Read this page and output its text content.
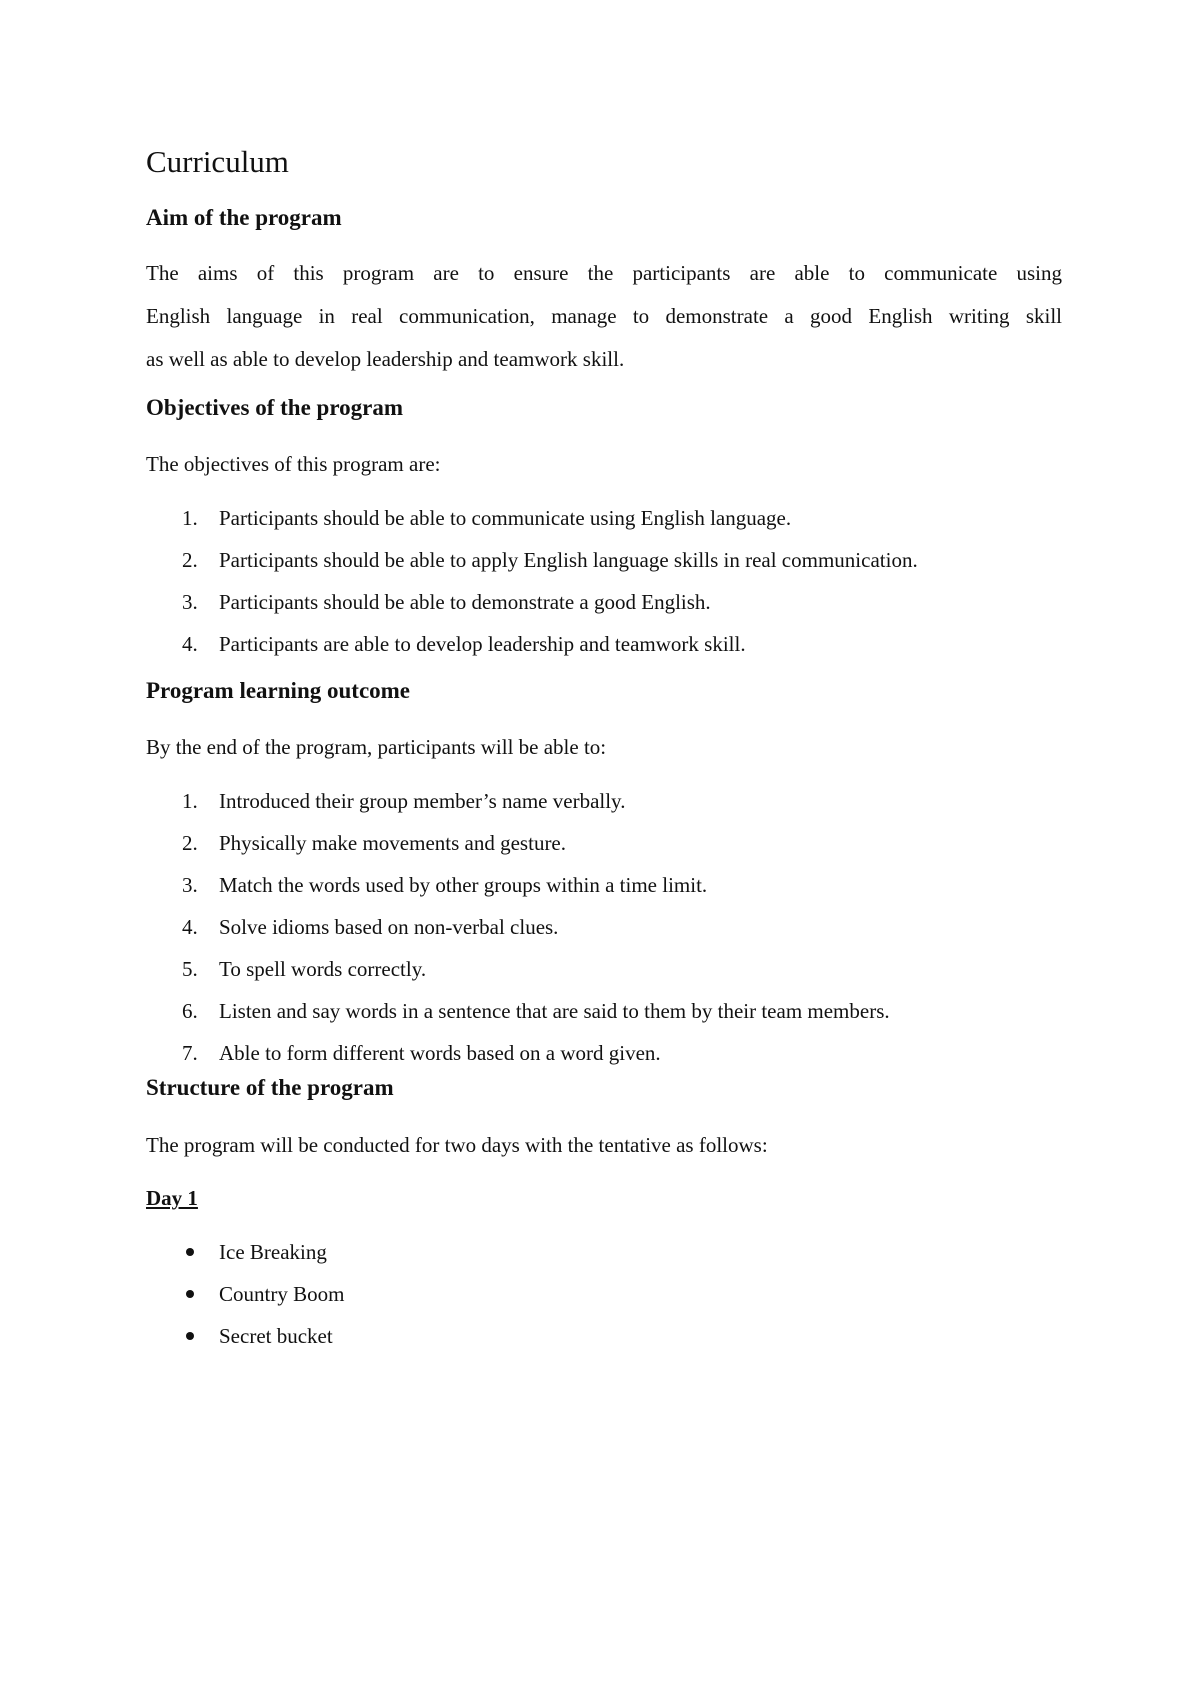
Curriculum
Aim of the program
The aims of this program are to ensure the participants are able to communicate using
English language in real communication, manage to demonstrate a good English writing skill
as well as able to develop leadership and teamwork skill.
Objectives of the program

The objectives of this program are:

1. Participants should be able to communicate using English language.
2. Participants should be able to apply English language skills in real communication.
3. Participants should be able to demonstrate a good English.
4. Participants are able to develop leadership and teamwork skill.
Program learning outcome

By the end of the program, participants will be able to:

1. Introduced their group member’s name verbally.
2. Physically make movements and gesture.
3. Match the words used by other groups within a time limit.
4. Solve idioms based on non-verbal clues.
5. To spell words correctly.
6. Listen and say words in a sentence that are said to them by their team members.
7. Able to form different words based on a word given.
Structure of the program

The program will be conducted for two days with the tentative as follows:

Day 1
Ice Breaking
Country Boom
Secret bucket
